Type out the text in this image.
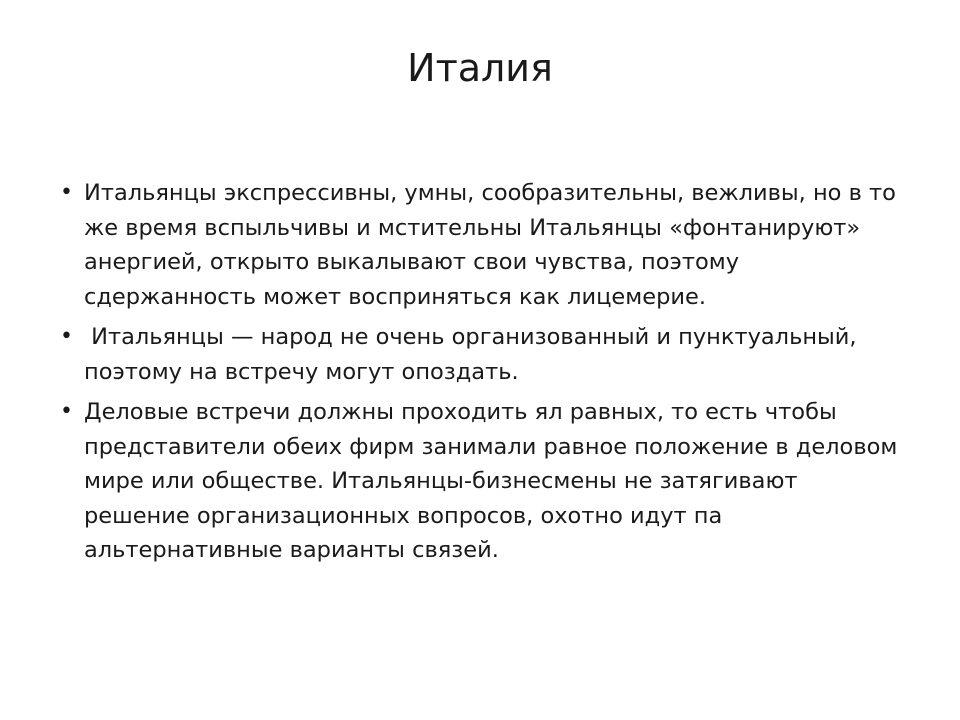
Италия
• Итальянцы экспрессивны, умны, сообразительны, вежливы, но в то же время вспыльчивы и мстительны Итальянцы «фонтанируют» анергией, открыто выкалывают свои чувства, поэтому сдержанность может восприняться как лицемерие.
• Итальянцы — народ не очень организованный и пунктуальный, поэтому на встречу могут опоздать.
• Деловые встречи должны проходить ял равных, то есть чтобы представители обеих фирм занимали равное положение в деловом мире или обществе. Итальянцы-бизнесмены не затягивают решение организационных вопросов, охотно идут па альтернативные варианты связей.
